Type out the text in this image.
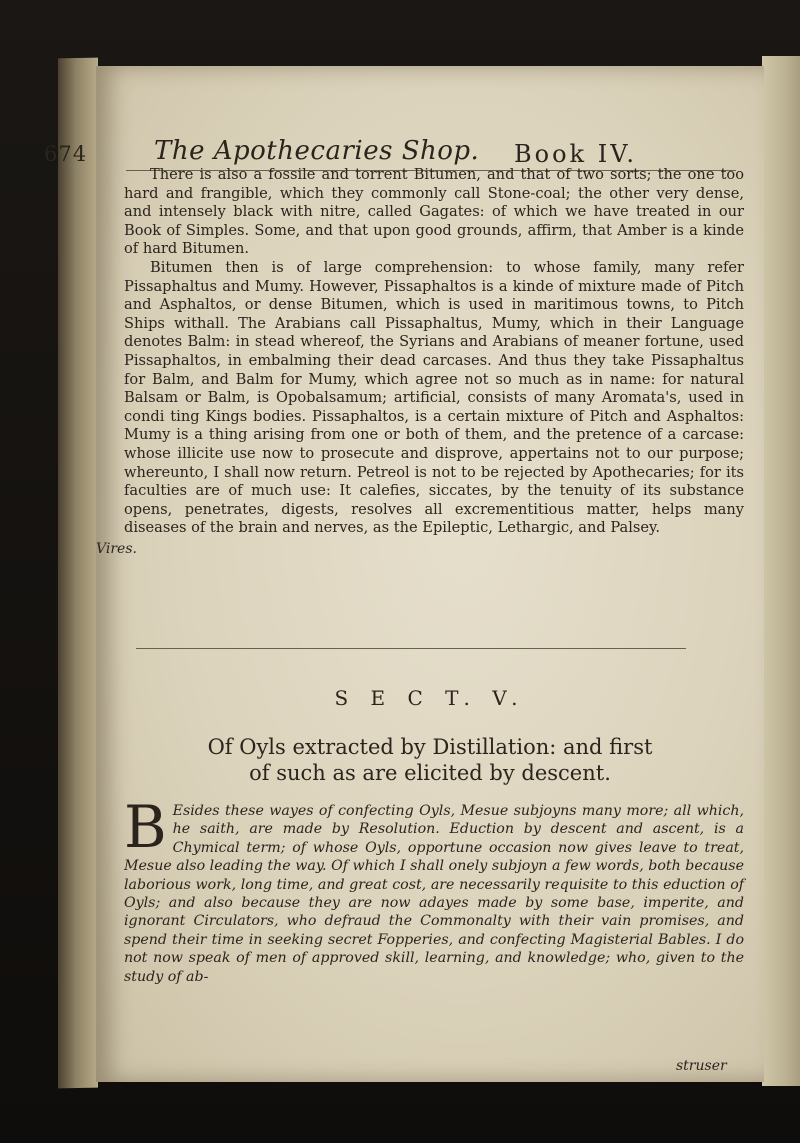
674	The Apothecaries Shop. Book IV.

There is also a fossile and torrent Bitumen, and that of two sorts; the one too hard and frangible, which they commonly call Stone-coal; the other very dense, and intensely black with nitre, called Gagates: of which we have treated in our Book of Simples. Some, and that upon good grounds, affirm, that Amber is a kinde of hard Bitumen.

Bitumen then is of large comprehension: to whose family, many refer Pissaphaltus and Mumy. However, Pissaphaltos is a kinde of mixture made of Pitch and Asphaltos, or dense Bitumen, which is used in maritimous towns, to Pitch Ships withall. The Arabians call Pissaphaltus, Mumy, which in their Language denotes Balm: in stead whereof, the Syrians and Arabians of meaner fortune, used Pissaphaltos, in embalming their dead carcases. And thus they take Pissaphaltus for Balm, and Balm for Mumy, which agree not so much as in name: for natural Balsam or Balm, is Opobalsamum; artificial, consists of many Aromata's, used in condi ting Kings bodies. Pissaphaltos, is a certain mixture of Pitch and Asphaltos: Mumy is a thing arising from one or both of them, and the pretence of a carcase: whose illicite use now to prosecute and disprove, appertains not to our purpose; whereunto, I shall now return. Petreol is not to be rejected by Apothecaries; for its faculties are of much use: It calefies, siccates, by the tenuity of its substance opens, penetrates, digests, resolves all excrementitious matter, helps many diseases of the brain and nerves, as the Epileptic, Lethargic, and Palsey.

Vires.
S E C T. V.
Of Oyls extracted by Distillation: and first
of such as are elicited by descent.
B Esides these wayes of confecting Oyls, Mesue subjoyns many more; all which, he saith, are made by Resolution. Eduction by descent and ascent, is a Chymical term; of whose Oyls, opportune occasion now gives leave to treat, Mesue also leading the way. Of which I shall onely subjoyn a few words, both because laborious work, long time, and great cost, are necessarily requisite to this eduction of Oyls; and also because they are now adayes made by some base, imperite, and ignorant Circulators, who defraud the Commonalty with their vain promises, and spend their time in seeking secret Fopperies, and confecting Magisterial Bables. I do not now speak of men of approved skill, learning, and knowledge; who, given to the study of ab-
struser
